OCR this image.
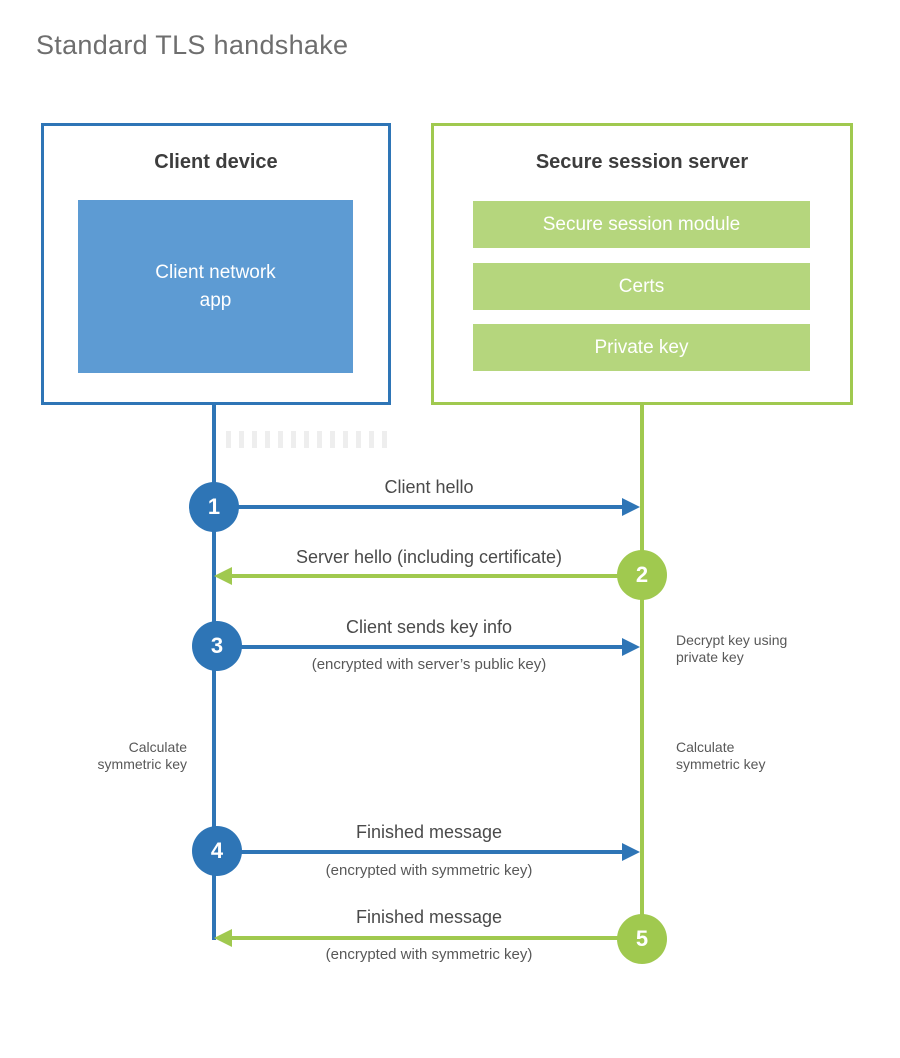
Standard TLS handshake
Client device
Client network
app
Secure session server
Secure session module
Certs
Private key
1
Client hello
2
Server hello (including certificate)
3
Client sends key info
(encrypted with server’s public key)
4
Finished message
(encrypted with symmetric key)
5
Finished message
(encrypted with symmetric key)
Decrypt key using
private key
Calculate
symmetric key
Calculate
symmetric key
